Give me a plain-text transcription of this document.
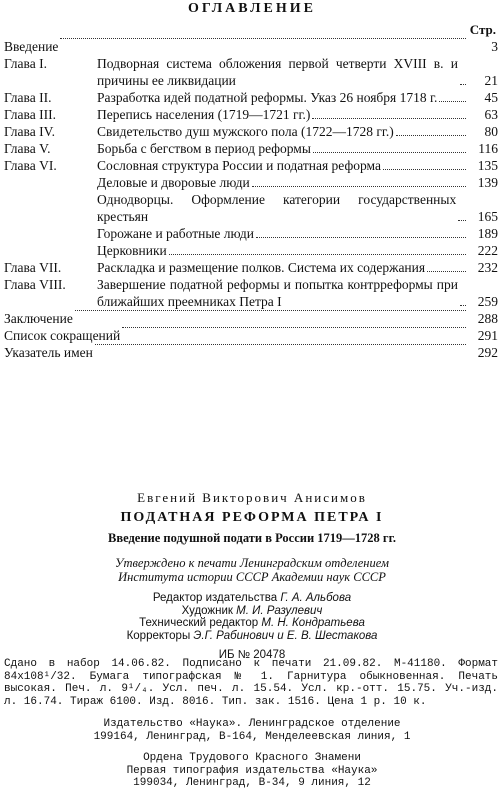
ОГЛАВЛЕНИЕ
Стр.
Введение	3
Глава I.	Подворная система обложения первой четверти XVIII в. и причины ее ликвидации	21
Глава II.	Разработка идей податной реформы. Указ 26 ноября 1718 г.	45
Глава III.	Перепись населения (1719—1721 гг.)	63
Глава IV.	Свидетельство душ мужского пола (1722—1728 гг.)	80
Глава V.	Борьба с бегством в период реформы	116
Глава VI.	Сословная структура России и податная реформа	135
Деловые и дворовые люди	139
Однодворцы. Оформление категории государственных крестьян	165
Горожане и работные люди	189
Церковники	222
Глава VII.	Раскладка и размещение полков. Система их содержания	232
Глава VIII.	Завершение податной реформы и попытка контрреформы при ближайших преемниках Петра I	259
Заключение	288
Список сокращений	291
Указатель имен	292
Евгений Викторович Анисимов
ПОДАТНАЯ РЕФОРМА ПЕТРА I
Введение подушной подати в России 1719—1728 гг.
Утверждено к печати Ленинградским отделением
Института истории СССР Академии наук СССР
Редактор издательства Г. А. Альбова
Художник М. И. Разулевич
Технический редактор М. Н. Кондратьева
Корректоры Э.Г. Рабинович и Е. В. Шестакова
ИБ № 20478
Сдано в набор 14.06.82. Подписано к печати 21.09.82. М-41180. Формат 84x108¹/32. Бумага типографская № 1. Гарнитура обыкновенная. Печать высокая. Печ. л. 9¹/₄. Усл. печ. л. 15.54. Усл. кр.-отт. 15.75. Уч.-изд. л. 16.74. Тираж 6100. Изд. 8016. Тип. зак. 1516. Цена 1 р. 10 к.
Издательство «Наука». Ленинградское отделение
199164, Ленинград, В-164, Менделеевская линия, 1
Ордена Трудового Красного Знамени
Первая типография издательства «Наука»
199034, Ленинград, В-34, 9 линия, 12
